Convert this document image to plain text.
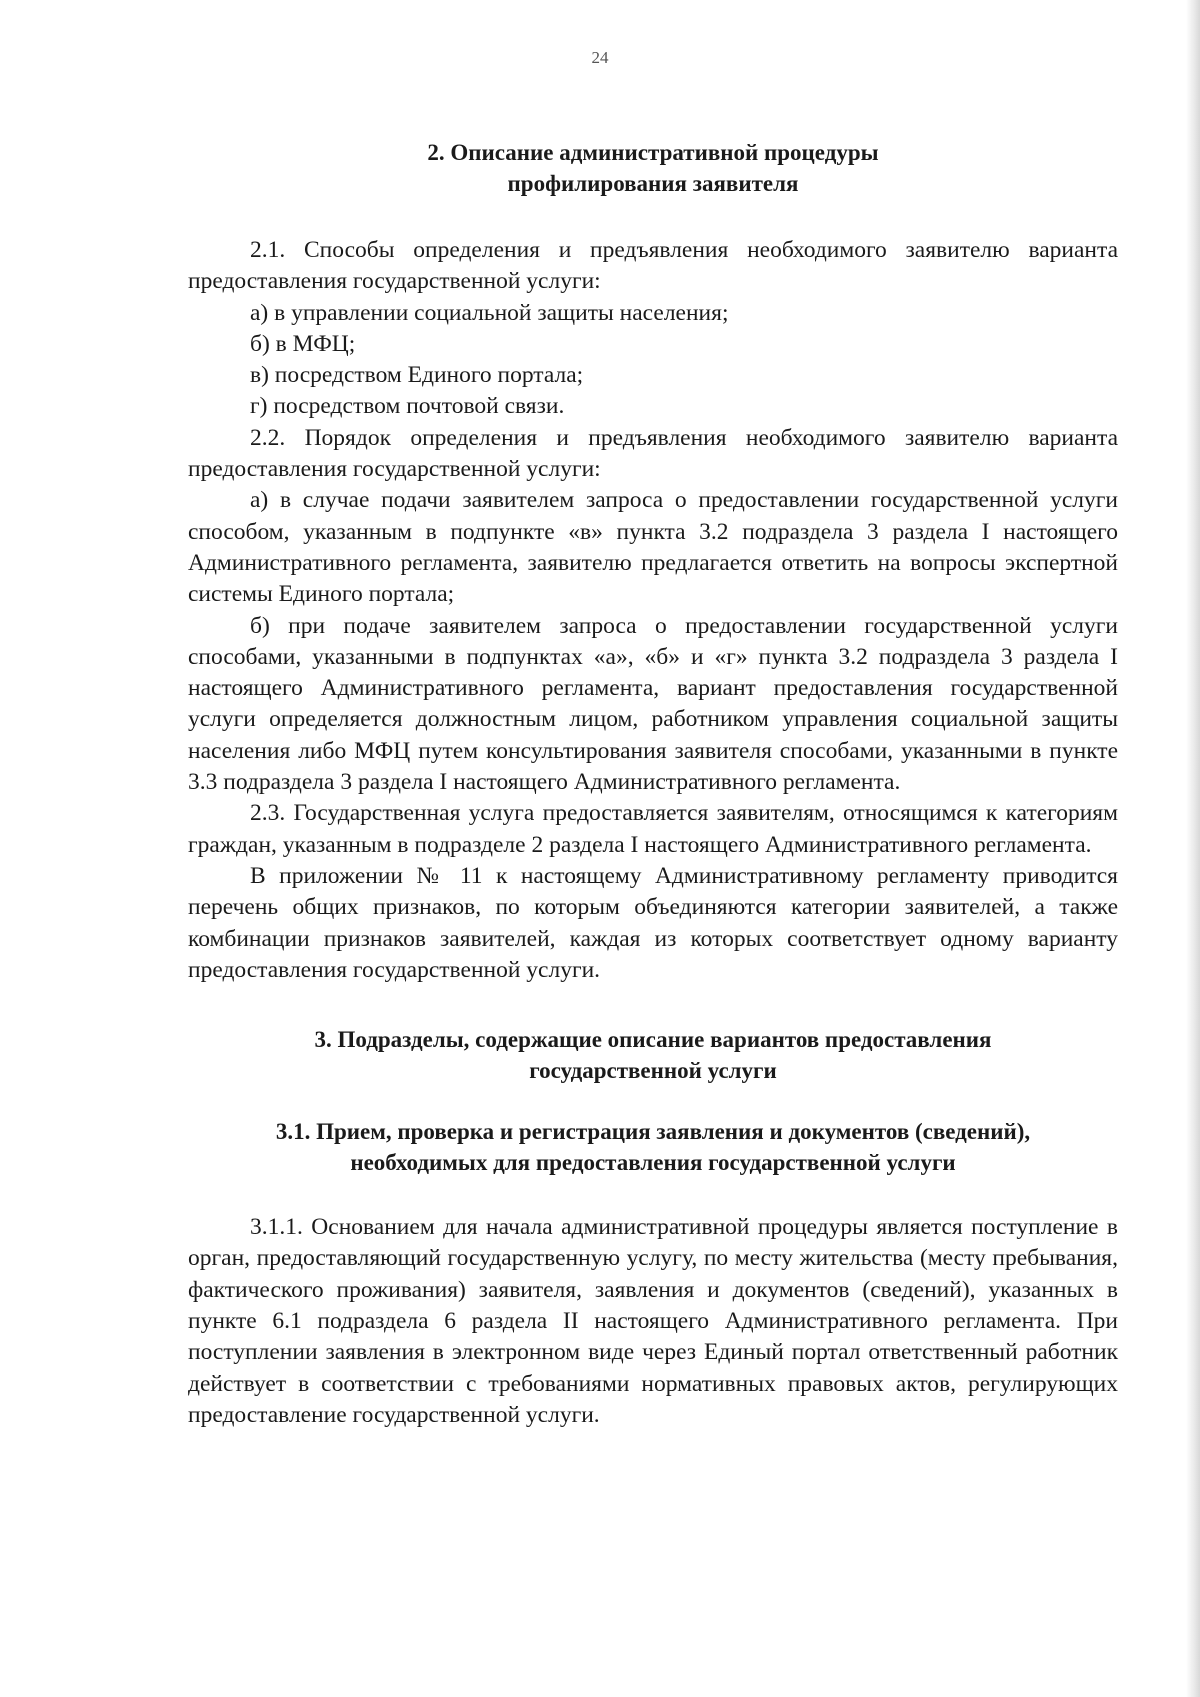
24
2. Описание административной процедуры
профилирования заявителя

2.1. Способы определения и предъявления необходимого заявителю варианта предоставления государственной услуги:

а) в управлении социальной защиты населения;

б) в МФЦ;

в) посредством Единого портала;

г) посредством почтовой связи.

2.2. Порядок определения и предъявления необходимого заявителю варианта предоставления государственной услуги:

а) в случае подачи заявителем запроса о предоставлении государственной услуги способом, указанным в подпункте «в» пункта 3.2 подраздела 3 раздела I настоящего Административного регламента, заявителю предлагается ответить на вопросы экспертной системы Единого портала;

б) при подаче заявителем запроса о предоставлении государственной услуги способами, указанными в подпунктах «а», «б» и «г» пункта 3.2 подраздела 3 раздела I настоящего Административного регламента, вариант предоставления государственной услуги определяется должностным лицом, работником управления социальной защиты населения либо МФЦ путем консультирования заявителя способами, указанными в пункте 3.3 подраздела 3 раздела I настоящего Административного регламента.

2.3. Государственная услуга предоставляется заявителям, относящимся к категориям граждан, указанным в подразделе 2 раздела I настоящего Административного регламента.

В приложении № 11 к настоящему Административному регламенту приводится перечень общих признаков, по которым объединяются категории заявителей, а также комбинации признаков заявителей, каждая из которых соответствует одному варианту предоставления государственной услуги.

3. Подразделы, содержащие описание вариантов предоставления
государственной услуги
3.1. Прием, проверка и регистрация заявления и документов (сведений),
необходимых для предоставления государственной услуги

3.1.1. Основанием для начала административной процедуры является поступление в орган, предоставляющий государственную услугу, по месту жительства (месту пребывания, фактического проживания) заявителя, заявления и документов (сведений), указанных в пункте 6.1 подраздела 6 раздела II настоящего Административного регламента. При поступлении заявления в электронном виде через Единый портал ответственный работник действует в соответствии с требованиями нормативных правовых актов, регулирующих предоставление государственной услуги.
